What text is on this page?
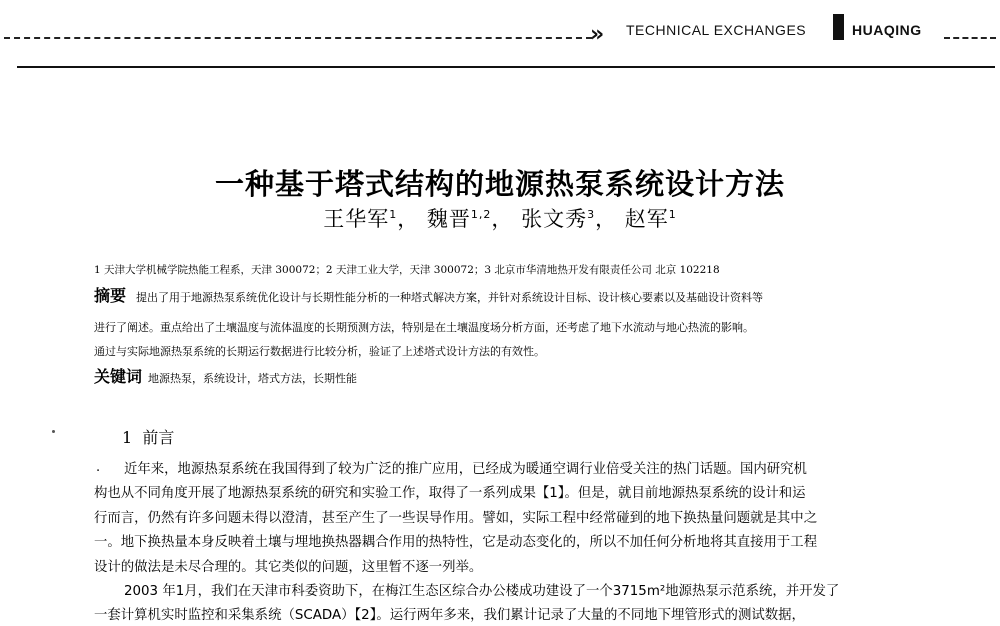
» TECHNICAL EXCHANGES	HUAQING
一种基于塔式结构的地源热泵系统设计方法
王华军$^1$， 魏晋$^{1,2}$， 张文秀$^3$， 赵军$^1$
1 天津大学机械学院热能工程系，天津 300072；2 天津工业大学，天津 300072；3 北京市华清地热开发有限责任公司 北京 102218
摘要 提出了用于地源热泵系统优化设计与长期性能分析的一种塔式解决方案，并针对系统设计目标、设计核心要素以及基础设计资料等
进行了阐述。重点给出了土壤温度与流体温度的长期预测方法，特别是在土壤温度场分析方面，还考虑了地下水流动与地心热流的影响。
通过与实际地源热泵系统的长期运行数据进行比较分析，验证了上述塔式设计方法的有效性。
关键词 地源热泵，系统设计，塔式方法，长期性能
1 前言
. 近年来，地源热泵系统在我国得到了较为广泛的推广应用，已经成为暖通空调行业倍受关注的热门话题。国内研究机
构也从不同角度开展了地源热泵系统的研究和实验工作，取得了一系列成果【1】。但是，就目前地源热泵系统的设计和运
行而言，仍然有许多问题未得以澄清，甚至产生了一些误导作用。譬如，实际工程中经常碰到的地下换热量问题就是其中之
一。地下换热量本身反映着土壤与埋地换热器耦合作用的热特性，它是动态变化的，所以不加任何分析地将其直接用于工程
设计的做法是未尽合理的。其它类似的问题，这里暂不逐一列举。
2003 年1月，我们在天津市科委资助下，在梅江生态区综合办公楼成功建设了一个3715m²地源热泵示范系统，并开发了
一套计算机实时监控和采集系统（SCADA）【2】。运行两年多来，我们累计记录了大量的不同地下埋管形式的测试数据，
